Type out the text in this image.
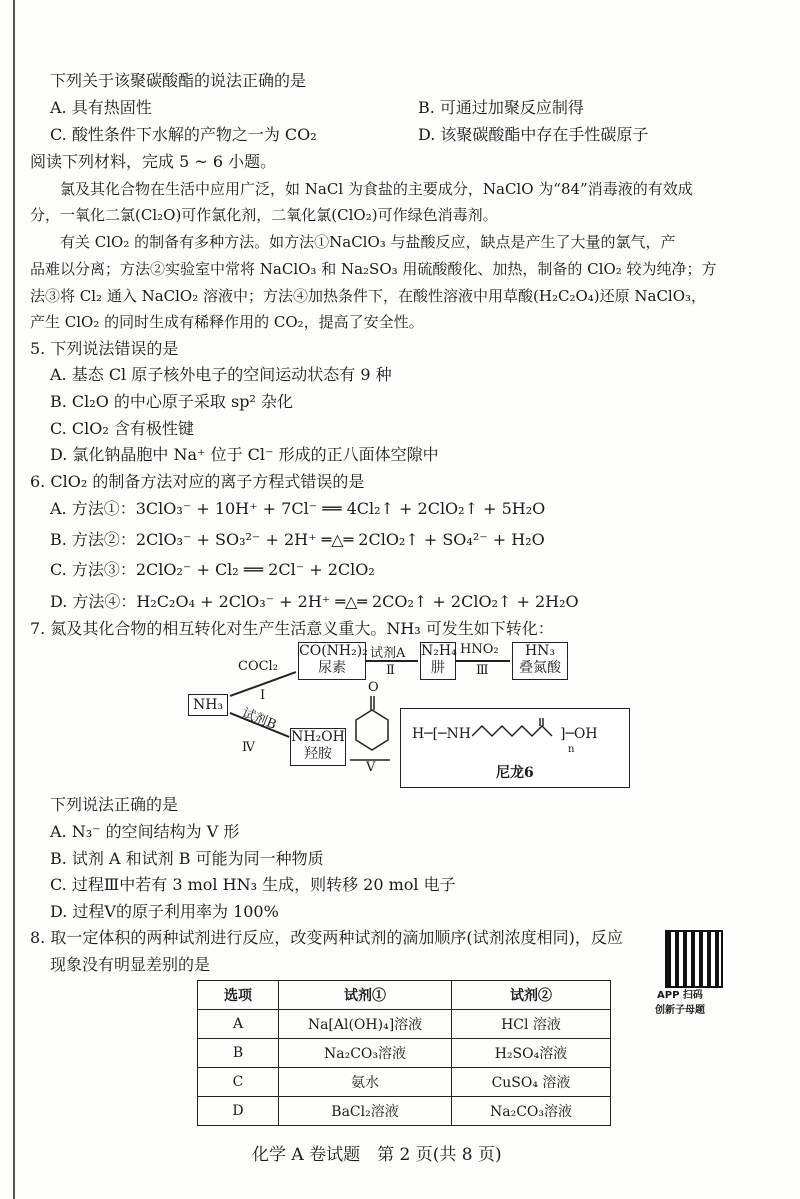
下列关于该聚碳酸酯的说法正确的是
A. 具有热固性	B. 可通过加聚反应制得
C. 酸性条件下水解的产物之一为 CO₂	D. 该聚碳酸酯中存在手性碳原子
阅读下列材料，完成 5 ~ 6 小题。
氯及其化合物在生活中应用广泛，如 NaCl 为食盐的主要成分，NaClO 为“84”消毒液的有效成
分，一氧化二氯(Cl₂O)可作氯化剂，二氧化氯(ClO₂)可作绿色消毒剂。
有关 ClO₂ 的制备有多种方法。如方法①NaClO₃ 与盐酸反应，缺点是产生了大量的氯气，产
品难以分离；方法②实验室中常将 NaClO₃ 和 Na₂SO₃ 用硫酸酸化、加热，制备的 ClO₂ 较为纯净；方
法③将 Cl₂ 通入 NaClO₂ 溶液中；方法④加热条件下，在酸性溶液中用草酸(H₂C₂O₄)还原 NaClO₃，
产生 ClO₂ 的同时生成有稀释作用的 CO₂，提高了安全性。
5. 下列说法错误的是
A. 基态 Cl 原子核外电子的空间运动状态有 9 种
B. Cl₂O 的中心原子采取 sp² 杂化
C. ClO₂ 含有极性键
D. 氯化钠晶胞中 Na⁺ 位于 Cl⁻ 形成的正八面体空隙中
6. ClO₂ 的制备方法对应的离子方程式错误的是
A. 方法①：3ClO₃⁻ + 10H⁺ + 7Cl⁻ ══ 4Cl₂↑ + 2ClO₂↑ + 5H₂O
B. 方法②：2ClO₃⁻ + SO₃²⁻ + 2H⁺ ═△═ 2ClO₂↑ + SO₄²⁻ + H₂O
C. 方法③：2ClO₂⁻ + Cl₂ ══ 2Cl⁻ + 2ClO₂
D. 方法④：H₂C₂O₄ + 2ClO₃⁻ + 2H⁺ ═△═ 2CO₂↑ + 2ClO₂↑ + 2H₂O
7. 氮及其化合物的相互转化对生产生活意义重大。NH₃ 可发生如下转化：
NH₃
COCl₂
Ⅰ
CO(NH₂)₂
尿素
试剂A
Ⅱ
N₂H₄
肼
HNO₂
Ⅲ
HN₃
叠氮酸
试剂B
Ⅳ
NH₂OH
羟胺
O
Ⅴ
H─[─NH	]─OH
n
尼龙6
下列说法正确的是
A. N₃⁻ 的空间结构为 V 形
B. 试剂 A 和试剂 B 可能为同一种物质
C. 过程Ⅲ中若有 3 mol HN₃ 生成，则转移 20 mol 电子
D. 过程Ⅴ的原子利用率为 100%
8. 取一定体积的两种试剂进行反应，改变两种试剂的滴加顺序(试剂浓度相同)，反应
现象没有明显差别的是
APP 扫码
创新子母题
选项	试剂①	试剂②
A	Na[Al(OH)₄]溶液	HCl 溶液
B	Na₂CO₃溶液	H₂SO₄溶液
C	氨水	CuSO₄ 溶液
D	BaCl₂溶液	Na₂CO₃溶液
化学 A 卷试题　第 2 页(共 8 页)
